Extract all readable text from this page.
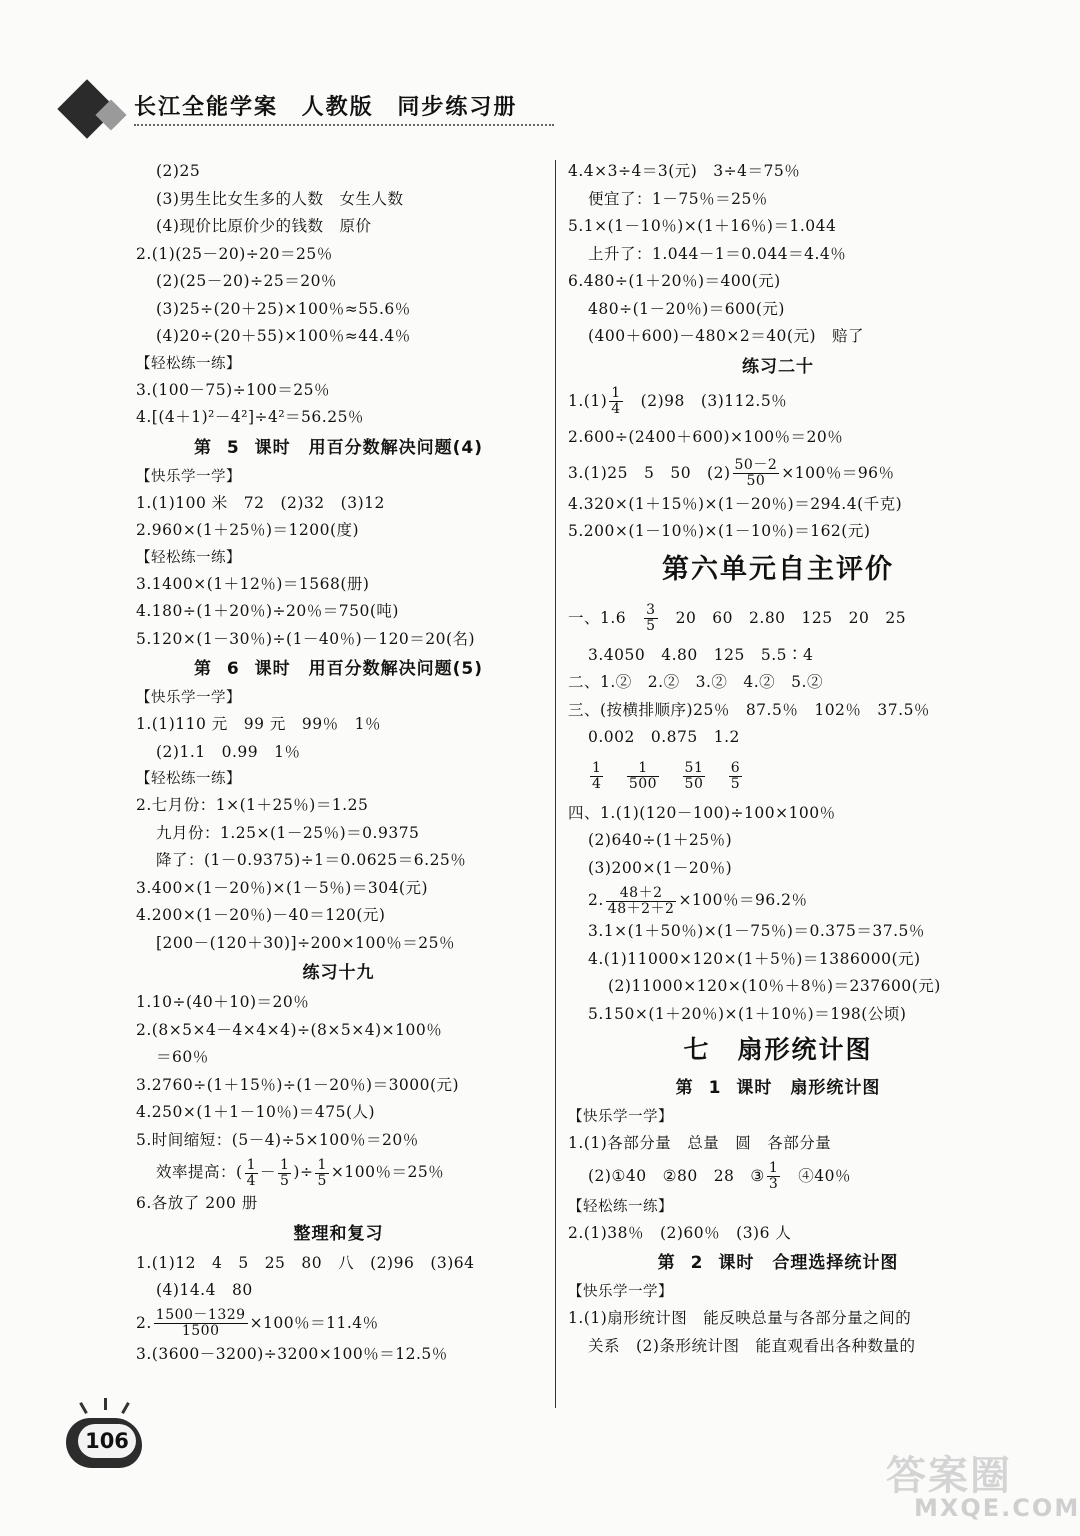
长江全能学案 人教版 同步练习册
(2)25
(3)男生比女生多的人数　女生人数
(4)现价比原价少的钱数　原价
2.(1)(25－20)÷20＝25％
(2)(25－20)÷25＝20％
(3)25÷(20＋25)×100％≈55.6％
(4)20÷(20＋55)×100％≈44.4％
【轻松练一练】
3.(100－75)÷100＝25％
4.[(4＋1)²－4²]÷4²＝56.25％
第 5 课时　用百分数解决问题(4)
【快乐学一学】
1.(1)100 米　72　(2)32　(3)12
2.960×(1＋25％)＝1200(度)
【轻松练一练】
3.1400×(1＋12％)＝1568(册)
4.180÷(1＋20％)÷20％＝750(吨)
5.120×(1－30％)÷(1－40％)－120＝20(名)
第 6 课时　用百分数解决问题(5)
【快乐学一学】
1.(1)110 元　99 元　99％　1％
(2)1.1　0.99　1％
【轻松练一练】
2.七月份：1×(1＋25％)＝1.25
九月份：1.25×(1－25％)＝0.9375
降了：(1－0.9375)÷1＝0.0625＝6.25％
3.400×(1－20％)×(1－5％)＝304(元)
4.200×(1－20％)－40＝120(元)
[200－(120＋30)]÷200×100％＝25％
练习十九
1.10÷(40＋10)＝20％
2.(8×5×4－4×4×4)÷(8×5×4)×100％
＝60％
3.2760÷(1＋15％)÷(1－20％)＝3000(元)
4.250×(1＋1－10％)＝475(人)
5.时间缩短：(5－4)÷5×100％＝20％
效率提高：( $\frac{1}{4} - \frac{1}{5}$ )÷ $\frac{1}{5} \times 100$％＝25％
6.各放了 200 册
整理和复习
1.(1)12　4　5　25　80　八　(2)96　(3)64
(4)14.4　80
2. $\frac{1500-1329}{1500} \times 100$％＝11.4％
3.(3600－3200)÷3200×100％＝12.5％
4.4×3÷4＝3(元)　3÷4＝75％
便宜了：1－75％＝25％
5.1×(1－10％)×(1＋16％)＝1.044
上升了：1.044－1＝0.044＝4.4％
6.480÷(1＋20％)＝400(元)
480÷(1－20％)＝600(元)
(400＋600)－480×2＝40(元)　赔了
练习二十
$1.(1) \frac{1}{4}$ 　(2)98　(3)112.5％
2.600÷(2400＋600)×100％＝20％
3.(1)25　5　50　$(2) \frac{50-2}{50} \times 100$％＝96％
4.320×(1＋15％)×(1－20％)＝294.4(千克)
5.200×(1－10％)×(1－10％)＝162(元)
第六单元自主评价
一、1.6　 $\frac{3}{5}$ 　20　60　2.80　125　20　25
3.4050　4.80　125　5.5∶4
二、1.②　2.②　3.②　4.②　5.②
三、(按横排顺序)25％　87.5％　102％　37.5％
0.002　0.875　1.2
$\frac{1}{4}$
$\frac{1}{500}$
$\frac{51}{50}$
$\frac{6}{5}$
四、1.(1)(120－100)÷100×100％
(2)640÷(1＋25％)
(3)200×(1－20％)
2. $\frac{48+2}{48+2+2} \times 100$％＝96.2％
3.1×(1＋50％)×(1－75％)＝0.375＝37.5％
4.(1)11000×120×(1＋5％)＝1386000(元)
(2)11000×120×(10％＋8％)＝237600(元)
5.150×(1＋20％)×(1＋10％)＝198(公顷)
七　扇形统计图
第 1 课时　扇形统计图
【快乐学一学】
1.(1)各部分量　总量　圆　各部分量
(2)①40　②80　28　③ $\frac{1}{3}$ 　④40％
【轻松练一练】
2.(1)38％　(2)60％　(3)6 人
第 2 课时　合理选择统计图
【快乐学一学】
1.(1)扇形统计图　能反映总量与各部分量之间的
关系　(2)条形统计图　能直观看出各种数量的
106
答案圈
MXQE.COM
